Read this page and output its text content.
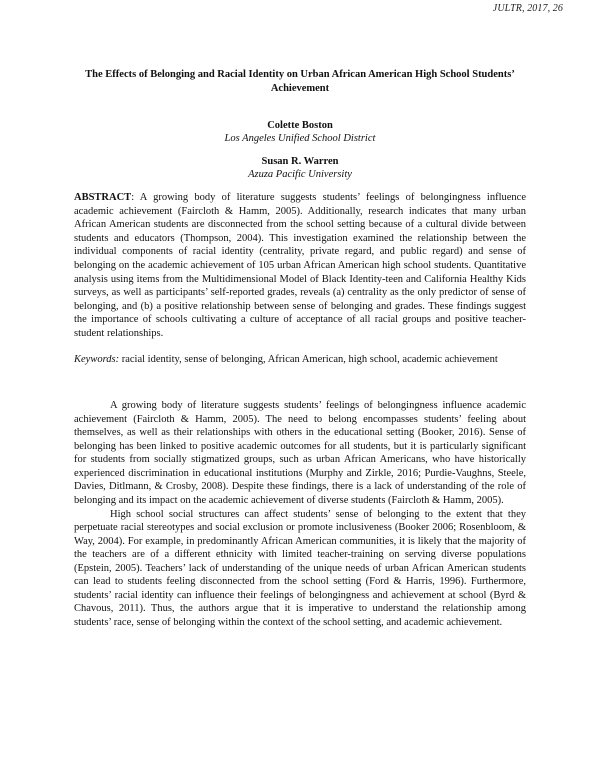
JULTR, 2017, 26
The Effects of Belonging and Racial Identity on Urban African American High School Students’ Achievement
Colette Boston
Los Angeles Unified School District
Susan R. Warren
Azuza Pacific University
ABSTRACT: A growing body of literature suggests students’ feelings of belongingness influence academic achievement (Faircloth & Hamm, 2005). Additionally, research indicates that many urban African American students are disconnected from the school setting because of a cultural divide between students and educators (Thompson, 2004). This investigation examined the relationship between the individual components of racial identity (centrality, private regard, and public regard) and sense of belonging on the academic achievement of 105 urban African American high school students. Quantitative analysis using items from the Multidimensional Model of Black Identity-teen and California Healthy Kids surveys, as well as participants’ self-reported grades, reveals (a) centrality as the only predictor of sense of belonging, and (b) a positive relationship between sense of belonging and grades. These findings suggest the importance of schools cultivating a culture of acceptance of all racial groups and positive teacher-student relationships.
Keywords: racial identity, sense of belonging, African American, high school, academic achievement

A growing body of literature suggests students’ feelings of belongingness influence academic achievement (Faircloth & Hamm, 2005). The need to belong encompasses students’ feeling about themselves, as well as their relationships with others in the educational setting (Booker, 2016). Sense of belonging has been linked to positive academic outcomes for all students, but it is particularly significant for students from socially stigmatized groups, such as urban African Americans, who have historically experienced discrimination in educational institutions (Murphy and Zirkle, 2016; Purdie-Vaughns, Steele, Davies, Ditlmann, & Crosby, 2008). Despite these findings, there is a lack of understanding of the role of belonging and its impact on the academic achievement of diverse students (Faircloth & Hamm, 2005).

High school social structures can affect students’ sense of belonging to the extent that they perpetuate racial stereotypes and social exclusion or promote inclusiveness (Booker 2006; Rosenbloom, & Way, 2004). For example, in predominantly African American communities, it is likely that the majority of the teachers are of a different ethnicity with limited teacher-training on serving diverse populations (Epstein, 2005). Teachers’ lack of understanding of the unique needs of urban African American students can lead to students feeling disconnected from the school setting (Ford & Harris, 1996). Furthermore, students’ racial identity can influence their feelings of belongingness and achievement at school (Byrd & Chavous, 2011). Thus, the authors argue that it is imperative to understand the relationship among students’ race, sense of belonging within the context of the school setting, and academic achievement.
